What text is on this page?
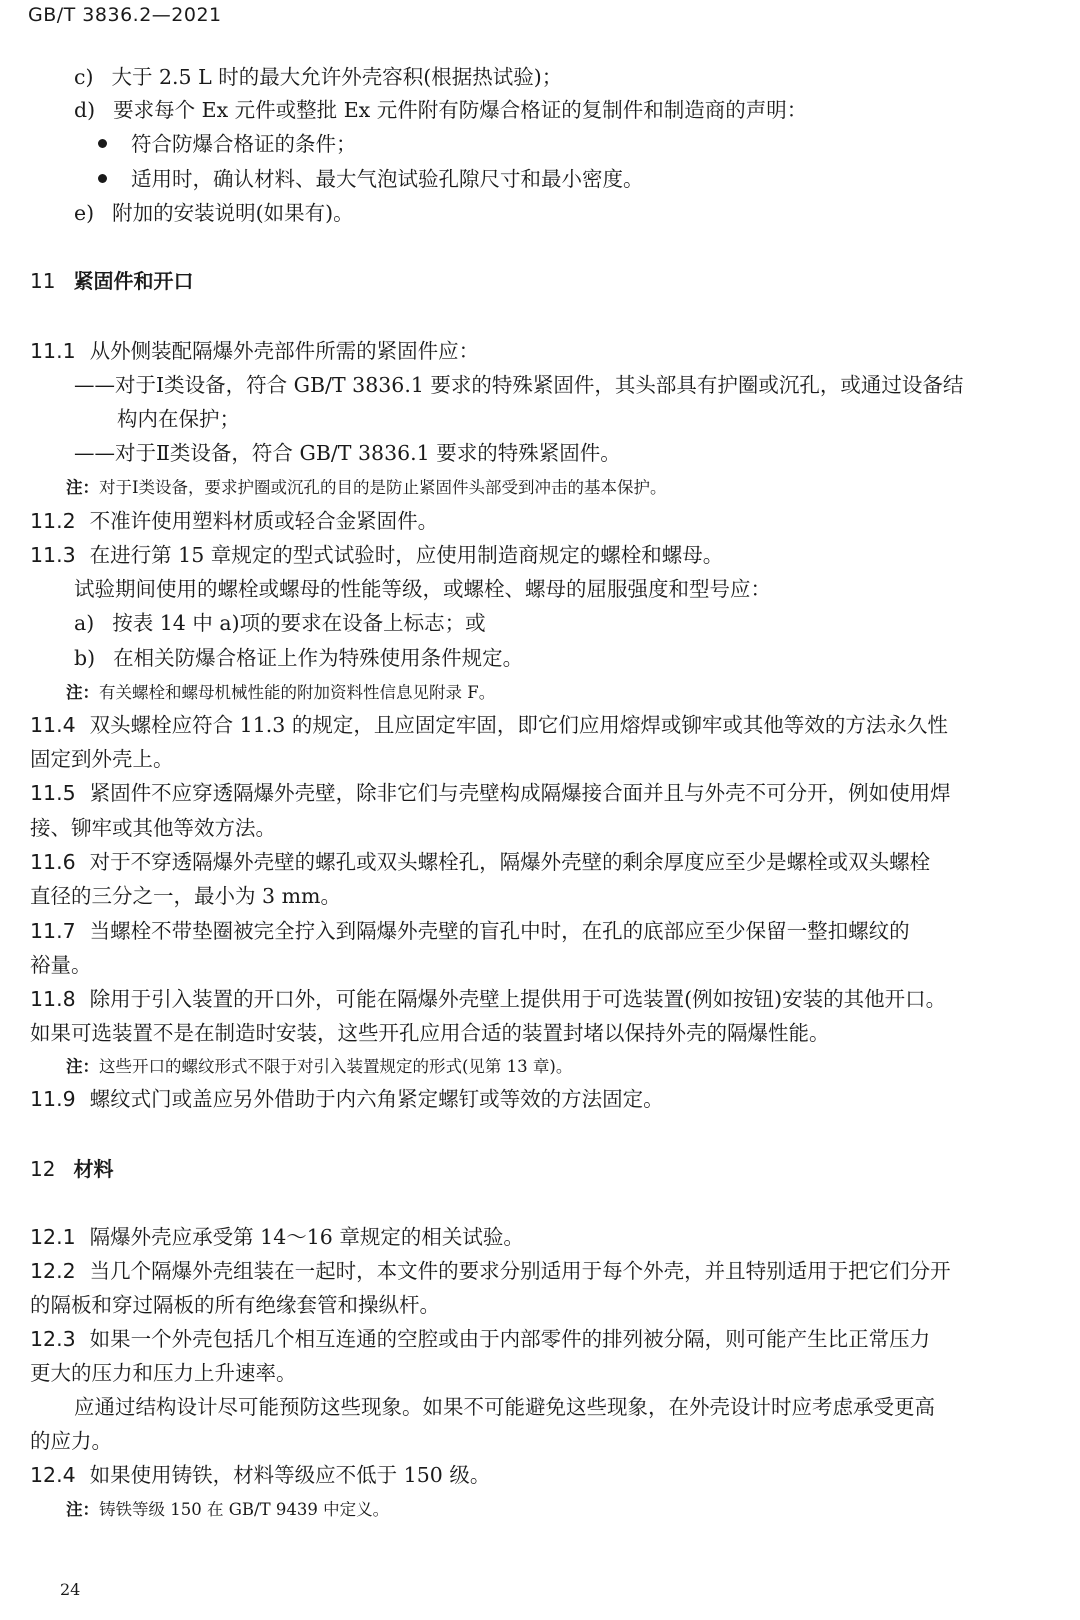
GB/T 3836.2—2021
c) 大于 2.5 L 时的最大允许外壳容积(根据热试验)；
d) 要求每个 Ex 元件或整批 Ex 元件附有防爆合格证的复制件和制造商的声明：
符合防爆合格证的条件；
适用时，确认材料、最大气泡试验孔隙尺寸和最小密度。
e) 附加的安装说明(如果有)。
11 紧固件和开口
11.1 从外侧装配隔爆外壳部件所需的紧固件应：
——对于Ⅰ类设备，符合 GB/T 3836.1 要求的特殊紧固件，其头部具有护圈或沉孔，或通过设备结
构内在保护；
——对于Ⅱ类设备，符合 GB/T 3836.1 要求的特殊紧固件。
注：对于Ⅰ类设备，要求护圈或沉孔的目的是防止紧固件头部受到冲击的基本保护。
11.2 不准许使用塑料材质或轻合金紧固件。
11.3 在进行第 15 章规定的型式试验时，应使用制造商规定的螺栓和螺母。
试验期间使用的螺栓或螺母的性能等级，或螺栓、螺母的屈服强度和型号应：
a) 按表 14 中 a)项的要求在设备上标志；或
b) 在相关防爆合格证上作为特殊使用条件规定。
注：有关螺栓和螺母机械性能的附加资料性信息见附录 F。
11.4 双头螺栓应符合 11.3 的规定，且应固定牢固，即它们应用熔焊或铆牢或其他等效的方法永久性
固定到外壳上。
11.5 紧固件不应穿透隔爆外壳壁，除非它们与壳壁构成隔爆接合面并且与外壳不可分开，例如使用焊
接、铆牢或其他等效方法。
11.6 对于不穿透隔爆外壳壁的螺孔或双头螺栓孔，隔爆外壳壁的剩余厚度应至少是螺栓或双头螺栓
直径的三分之一，最小为 3 mm。
11.7 当螺栓不带垫圈被完全拧入到隔爆外壳壁的盲孔中时，在孔的底部应至少保留一整扣螺纹的
裕量。
11.8 除用于引入装置的开口外，可能在隔爆外壳壁上提供用于可选装置(例如按钮)安装的其他开口。
如果可选装置不是在制造时安装，这些开孔应用合适的装置封堵以保持外壳的隔爆性能。
注：这些开口的螺纹形式不限于对引入装置规定的形式(见第 13 章)。
11.9 螺纹式门或盖应另外借助于内六角紧定螺钉或等效的方法固定。
12 材料
12.1 隔爆外壳应承受第 14～16 章规定的相关试验。
12.2 当几个隔爆外壳组装在一起时，本文件的要求分别适用于每个外壳，并且特别适用于把它们分开
的隔板和穿过隔板的所有绝缘套管和操纵杆。
12.3 如果一个外壳包括几个相互连通的空腔或由于内部零件的排列被分隔，则可能产生比正常压力
更大的压力和压力上升速率。
应通过结构设计尽可能预防这些现象。如果不可能避免这些现象，在外壳设计时应考虑承受更高
的应力。
12.4 如果使用铸铁，材料等级应不低于 150 级。
注：铸铁等级 150 在 GB/T 9439 中定义。
24
